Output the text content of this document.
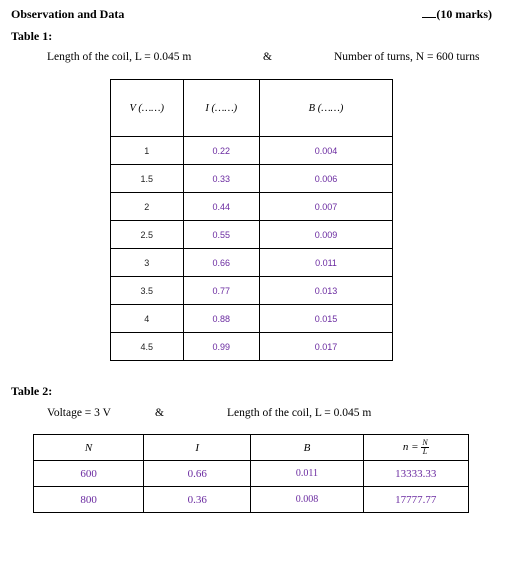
Observation and Data	(10 marks)
Table 1:
Length of the coil, L = 0.045 m	&	Number of turns, N = 600 turns
V (……)	I (……)	B (……)
1	0.22	0.004
1.5	0.33	0.006
2	0.44	0.007
2.5	0.55	0.009
3	0.66	0.011
3.5	0.77	0.013
4	0.88	0.015
4.5	0.99	0.017
Table 2:
Voltage = 3 V	&	Length of the coil, L = 0.045 m
N	I	B	$n = \frac{N}{L}$

600	0.66	0.011	13333.33
800	0.36	0.008	17777.77
